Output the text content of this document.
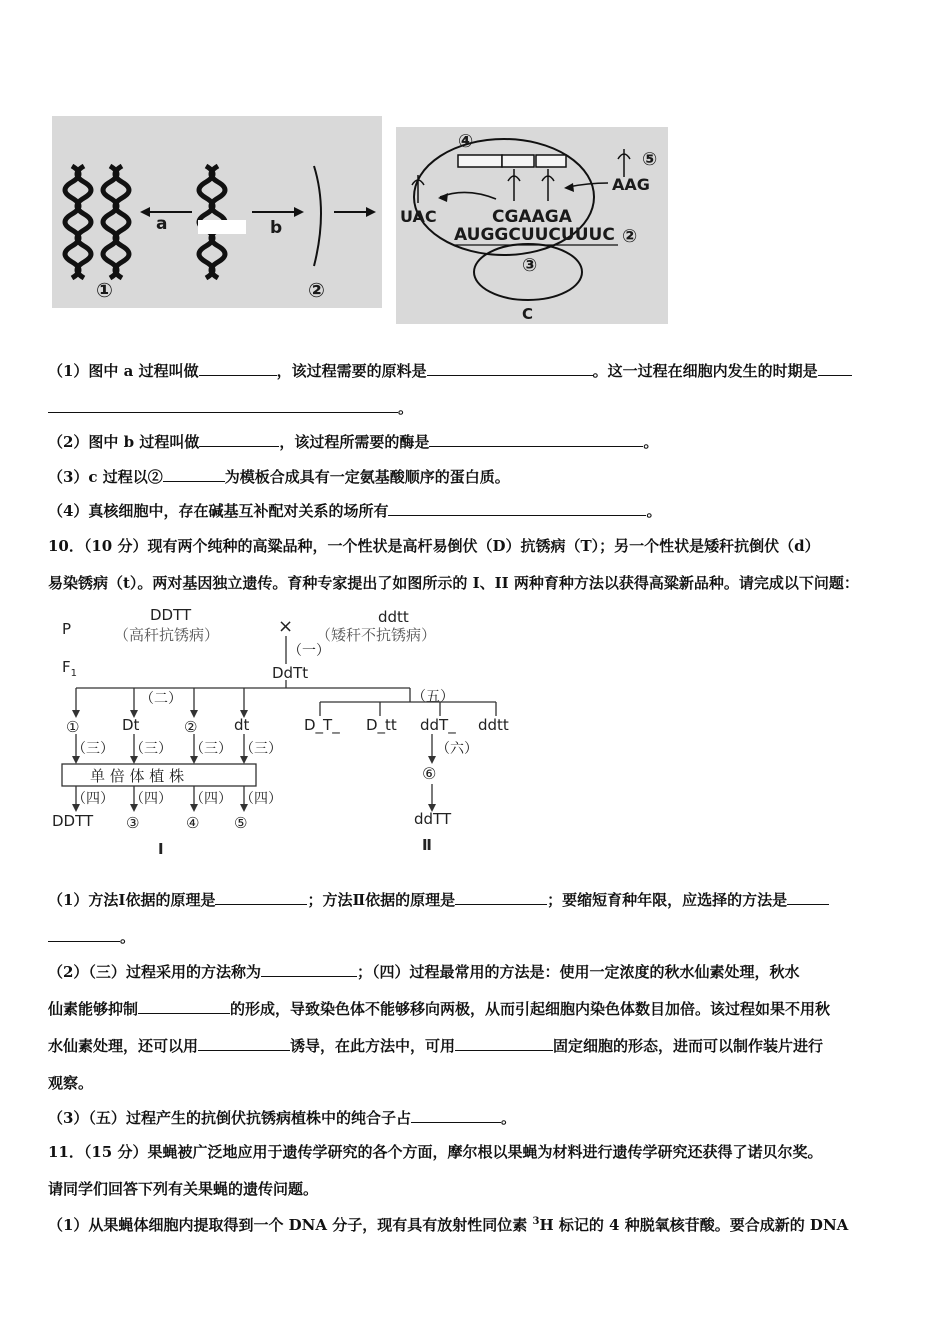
a	b
①	②
④
⑤
UAC
AAG
CGAAGA
AUGGCUUCUUUC ②
③
C
（1）图中 a 过程叫做	，该过程需要的原料是	。这一过程在细胞内发生的时期是
。
（2）图中 b 过程叫做	，该过程所需要的酶是	。
（3）c 过程以②	为模板合成具有一定氨基酸顺序的蛋白质。
（4）真核细胞中，存在碱基互补配对关系的场所有	。
10．（10 分）现有两个纯种的高粱品种，一个性状是高杆易倒伏（D）抗锈病（T）；另一个性状是矮秆抗倒伏（d）
易染锈病（t）。两对基因独立遗传。育种专家提出了如图所示的 I、II 两种育种方法以获得高粱新品种。请完成以下问题：
P
$F_1$
DDTT
（高秆抗锈病）	×	ddtt
（矮秆不抗锈病）
（一）
DdTt
（二）	（五）
①	Dt	② dt
（三） （三） （三） （三）
单 倍 体 植 株
（四） （四） （四） （四）
DDTT ③	④ ⑤
D_T_ D_tt ddT_ ddtt
（六）
⑥
ddTT
I	Ⅱ
（1）方法Ⅰ依据的原理是	；方法Ⅱ依据的原理是	；要缩短育种年限，应选择的方法是
。
（2）（三）过程采用的方法称为	；（四）过程最常用的方法是：使用一定浓度的秋水仙素处理，秋水
仙素能够抑制	的形成，导致染色体不能够移向两极，从而引起细胞内染色体数目加倍。该过程如果不用秋
水仙素处理，还可以用	诱导，在此方法中，可用	固定细胞的形态，进而可以制作装片进行
观察。
（3）（五）过程产生的抗倒伏抗锈病植株中的纯合子占	。
11．（15 分）果蝇被广泛地应用于遗传学研究的各个方面，摩尔根以果蝇为材料进行遗传学研究还获得了诺贝尔奖。
请同学们回答下列有关果蝇的遗传问题。
（1）从果蝇体细胞内提取得到一个 DNA 分子，现有具有放射性同位素 $^3$H 标记的 4 种脱氧核苷酸。要合成新的 DNA
